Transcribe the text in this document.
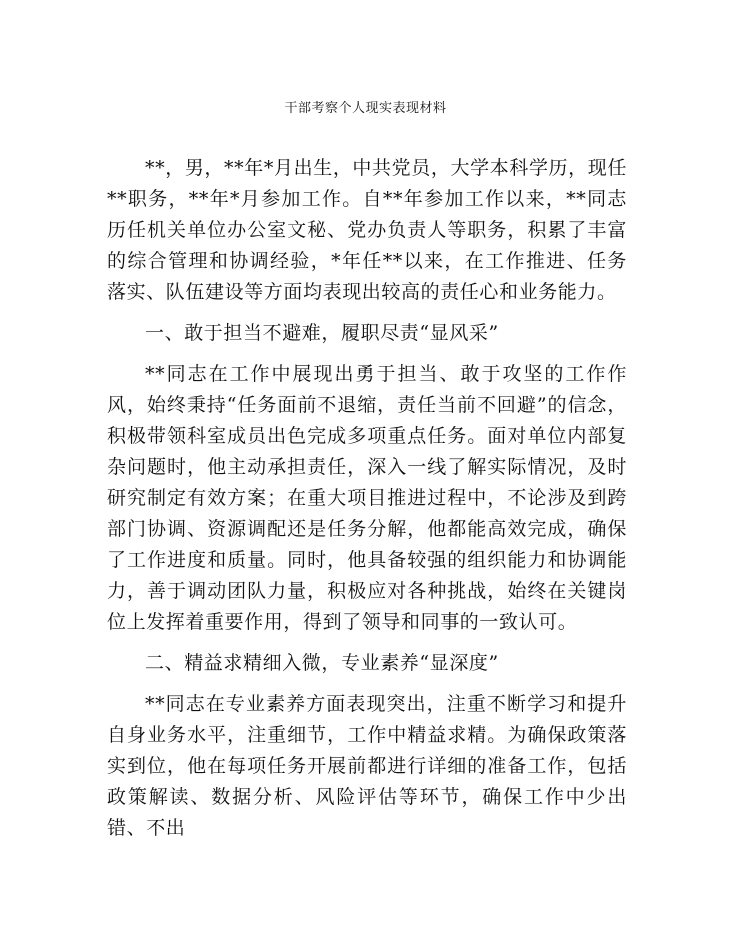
干部考察个人现实表现材料

**，男，**年*月出生，中共党员，大学本科学历，现任**职务，**年*月参加工作。自**年参加工作以来，**同志历任机关单位办公室文秘、党办负责人等职务，积累了丰富的综合管理和协调经验，*年任**以来，在工作推进、任务落实、队伍建设等方面均表现出较高的责任心和业务能力。

一、敢于担当不避难，履职尽责“显风采”

**同志在工作中展现出勇于担当、敢于攻坚的工作作风，始终秉持“任务面前不退缩，责任当前不回避”的信念，积极带领科室成员出色完成多项重点任务。面对单位内部复杂问题时，他主动承担责任，深入一线了解实际情况，及时研究制定有效方案；在重大项目推进过程中，不论涉及到跨部门协调、资源调配还是任务分解，他都能高效完成，确保了工作进度和质量。同时，他具备较强的组织能力和协调能力，善于调动团队力量，积极应对各种挑战，始终在关键岗位上发挥着重要作用，得到了领导和同事的一致认可。

二、精益求精细入微，专业素养“显深度”

**同志在专业素养方面表现突出，注重不断学习和提升自身业务水平，注重细节，工作中精益求精。为确保政策落实到位，他在每项任务开展前都进行详细的准备工作，包括政策解读、数据分析、风险评估等环节，确保工作中少出错、不出
